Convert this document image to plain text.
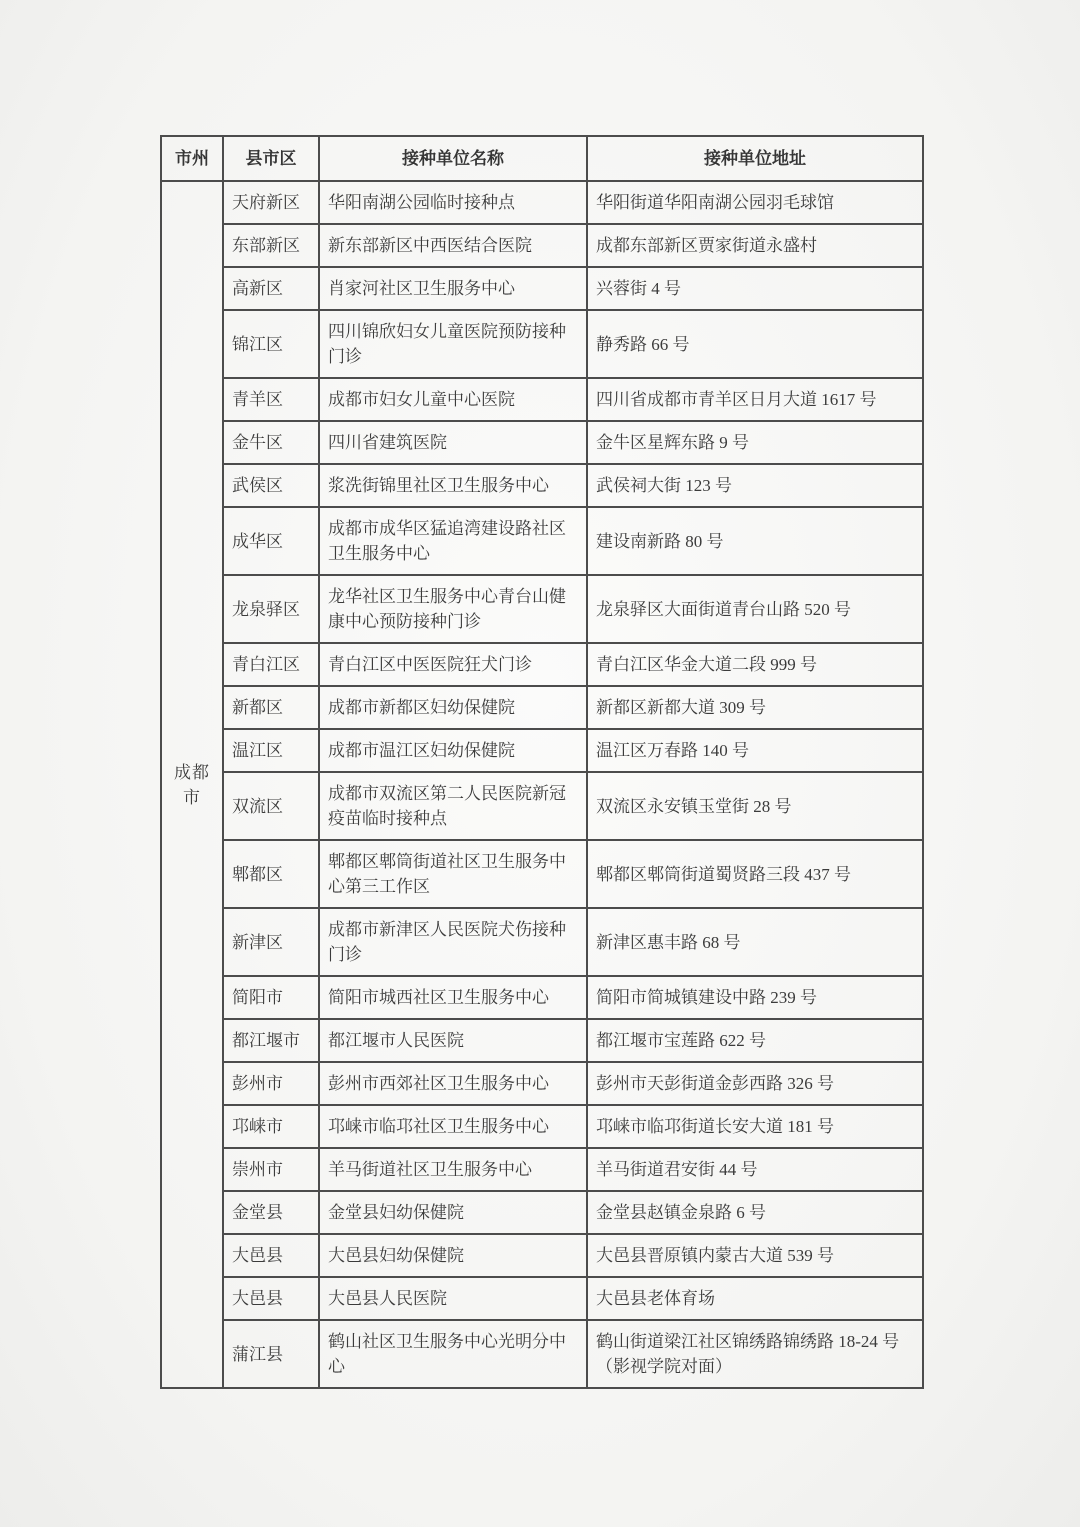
市州	县市区	接种单位名称	接种单位地址
成都市	天府新区	华阳南湖公园临时接种点	华阳街道华阳南湖公园羽毛球馆
	东部新区	新东部新区中西医结合医院	成都东部新区贾家街道永盛村
	高新区	肖家河社区卫生服务中心	兴蓉街 4 号
	锦江区	四川锦欣妇女儿童医院预防接种门诊	静秀路 66 号
	青羊区	成都市妇女儿童中心医院	四川省成都市青羊区日月大道 1617 号
	金牛区	四川省建筑医院	金牛区星辉东路 9 号
	武侯区	浆洗街锦里社区卫生服务中心	武侯祠大街 123 号
	成华区	成都市成华区猛追湾建设路社区卫生服务中心	建设南新路 80 号
	龙泉驿区	龙华社区卫生服务中心青台山健康中心预防接种门诊	龙泉驿区大面街道青台山路 520 号
	青白江区	青白江区中医医院狂犬门诊	青白江区华金大道二段 999 号
	新都区	成都市新都区妇幼保健院	新都区新都大道 309 号
	温江区	成都市温江区妇幼保健院	温江区万春路 140 号
	双流区	成都市双流区第二人民医院新冠疫苗临时接种点	双流区永安镇玉堂街 28 号
	郫都区	郫都区郫筒街道社区卫生服务中心第三工作区	郫都区郫筒街道蜀贤路三段 437 号
	新津区	成都市新津区人民医院犬伤接种门诊	新津区惠丰路 68 号
	简阳市	简阳市城西社区卫生服务中心	简阳市简城镇建设中路 239 号
	都江堰市	都江堰市人民医院	都江堰市宝莲路 622 号
	彭州市	彭州市西郊社区卫生服务中心	彭州市天彭街道金彭西路 326 号
	邛崃市	邛崃市临邛社区卫生服务中心	邛崃市临邛街道长安大道 181 号
	崇州市	羊马街道社区卫生服务中心	羊马街道君安街 44 号
	金堂县	金堂县妇幼保健院	金堂县赵镇金泉路 6 号
	大邑县	大邑县妇幼保健院	大邑县晋原镇内蒙古大道 539 号
	大邑县	大邑县人民医院	大邑县老体育场
	蒲江县	鹤山社区卫生服务中心光明分中心	鹤山街道梁江社区锦绣路锦绣路 18-24 号（影视学院对面）
